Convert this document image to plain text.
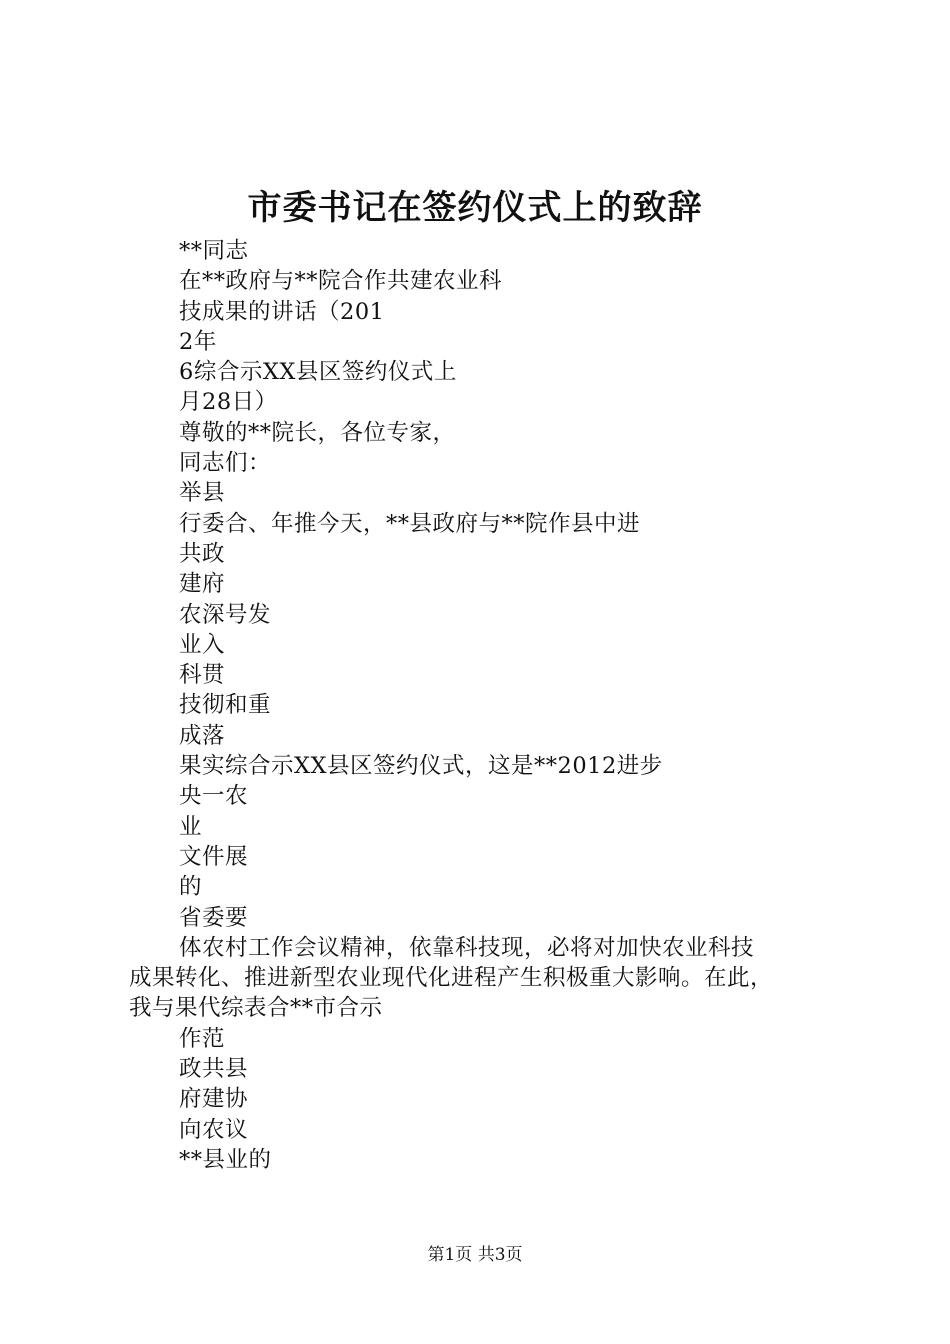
市委书记在签约仪式上的致辞
**同志
在**政府与**院合作共建农业科
技成果的讲话（201
2年
6综合示XX县区签约仪式上
月28日）
尊敬的**院长，各位专家，
同志们：
举县
行委合、年推今天，**县政府与**院作县中进
共政
建府
农深号发
业入
科贯
技彻和重
成落
果实综合示XX县区签约仪式，这是**2012进步
央一农
业
文件展
的
省委要
体农村工作会议精神，依靠科技现，必将对加快农业科技
成果转化、推进新型农业现代化进程产生积极重大影响。在此，
我与果代综表合**市合示
作范
政共县
府建协
向农议
**县业的
第1页 共3页
